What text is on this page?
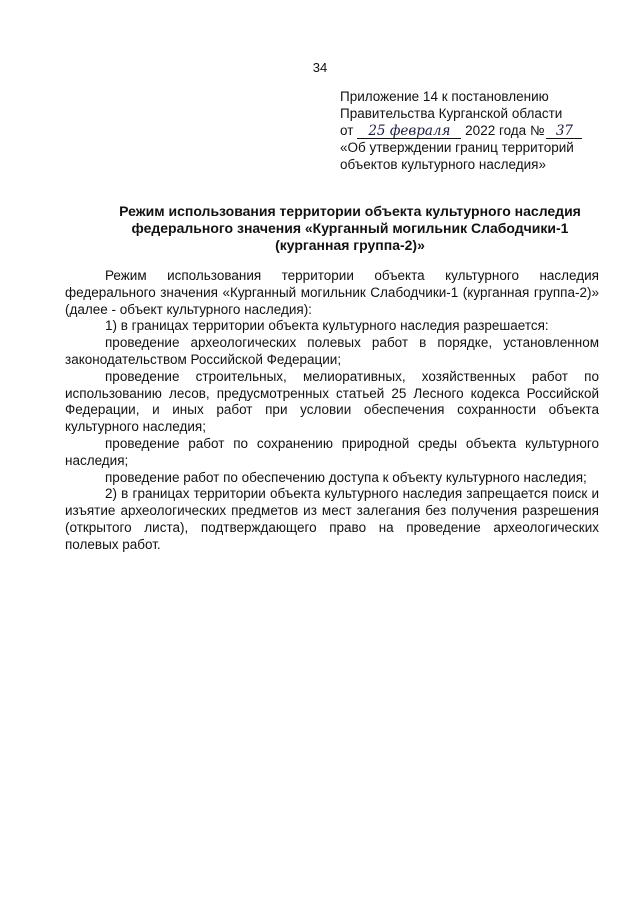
34
Приложение 14 к постановлению
Правительства Курганской области
от 25 февраля 2022 года № 37
«Об утверждении границ территорий
объектов культурного наследия»
Режим использования территории объекта культурного наследия
федерального значения «Курганный могильник Слабодчики-1
(курганная группа-2)»

Режим использования территории объекта культурного наследия федерального значения «Курганный могильник Слабодчики-1 (курганная группа-2)» (далее - объект культурного наследия):

1) в границах территории объекта культурного наследия разрешается:

проведение археологических полевых работ в порядке, установленном законодательством Российской Федерации;

проведение строительных, мелиоративных, хозяйственных работ по использованию лесов, предусмотренных статьей 25 Лесного кодекса Российской Федерации, и иных работ при условии обеспечения сохранности объекта культурного наследия;

проведение работ по сохранению природной среды объекта культурного наследия;

проведение работ по обеспечению доступа к объекту культурного наследия;

2) в границах территории объекта культурного наследия запрещается поиск и изъятие археологических предметов из мест залегания без получения разрешения (открытого листа), подтверждающего право на проведение археологических полевых работ.
